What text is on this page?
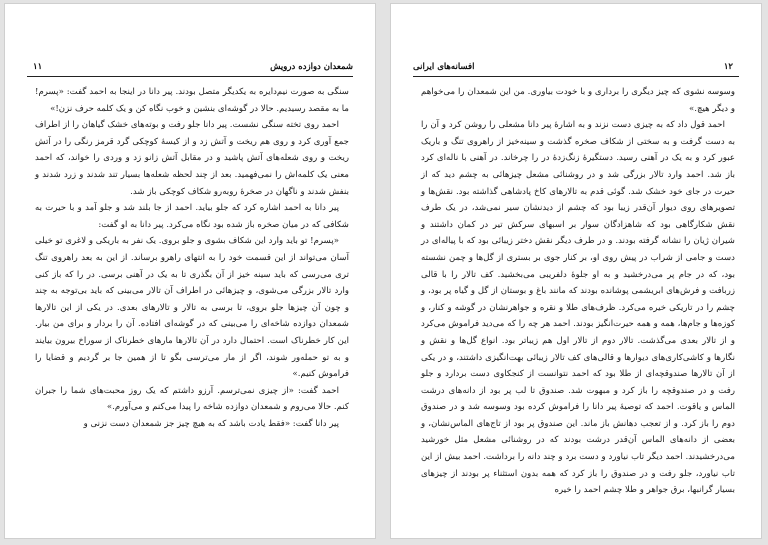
شمعدان دوازده درویش
۱۱

سنگی به صورت نیم‌دایره به یکدیگر متصل بودند. پیر دانا در اینجا به احمد گفت: «پسرم! ما به مقصد رسیدیم. حالا در گوشه‌ای بنشین و خوب نگاه کن و یک کلمه حرف نزن!»

احمد روی تخته سنگی نشست. پیر دانا جلو رفت و بوته‌های خشک گیاهان را از اطراف جمع آوری کرد و روی هم ریخت و آتش زد و از کیسهٔ کوچکی گرد قرمز رنگی را در آتش ریخت و روی شعله‌های آتش پاشید و در مقابل آتش زانو زد و وردی را خواند، که احمد معنی یک کلمه‌اش را نمی‌فهمید. بعد از چند لحظه شعله‌ها بسیار تند شدند و زرد شدند و بنفش شدند و ناگهان در صخرهٔ روبه‌رو شکاف کوچکی باز شد.

پیر دانا به احمد اشاره کرد که جلو بیاید. احمد از جا بلند شد و جلو آمد و با حیرت به شکافی که در میان صخره باز شده بود نگاه می‌کرد. پیر دانا به او گفت:

«پسرم! تو باید وارد این شکاف بشوی و جلو بروی. یک نفر به باریکی و لاغری تو خیلی آسان می‌تواند از این قسمت خود را به انتهای راهرو برساند. از این به بعد راهروی تنگ تری می‌رسی که باید سینه خیز از آن بگذری تا به یک در آهنی برسی. در را که باز کنی وارد تالار بزرگی می‌شوی، و چیزهائی در اطراف آن تالار می‌بینی که باید بی‌توجه به چند و چون آن چیزها جلو بروی، تا برسی به تالار و تالارهای بعدی. در یکی از این تالارها شمعدان دوازده شاخه‌ای را می‌بینی که در گوشه‌ای افتاده. آن را بردار و برای من بیار. این کار خطرناک است. احتمال دارد در آن تالارها مارهای خطرناک از سوراخ بیرون بیایند و به تو حمله‌ور شوند، اگر از مار می‌ترسی بگو تا از همین جا بر گردیم و قضایا را فراموش کنیم.»

احمد گفت: «از چیزی نمی‌ترسم. آرزو داشتم که یک روز محبت‌های شما را جبران کنم. حالا می‌روم و شمعدان دوازده شاخه را پیدا می‌کنم و می‌آورم.»

پیر دانا گفت: «فقط یادت باشد که به هیچ چیز جز شمعدان دست نزنی و

افسانه‌های ایرانی	۱۲

وسوسه نشوی که چیز دیگری را برداری و با خودت بیاوری. من این شمعدان را می‌خواهم و دیگر هیچ.»

احمد قول داد که به چیزی دست نزند و به اشارهٔ پیر دانا مشعلی را روشن کرد و آن را به دست گرفت و به سختی از شکاف صخره گذشت و سینه‌خیز از راهروی تنگ و باریک عبور کرد و به یک در آهنی رسید. دستگیرهٔ زنگ‌زدهٔ در را چرخاند. در آهنی با ناله‌ای کرد باز شد. احمد وارد تالار بزرگی شد و در روشنائی مشعل چیزهائی به چشم دید که از حیرت در جای خود خشک شد. گوئی قدم به تالارهای کاخ پادشاهی گذاشته بود. نقش‌ها و تصویرهای روی دیوار آن‌قدر زیبا بود که چشم از دیدنشان سیر نمی‌شد، در یک طرف نقش شکارگاهی بود که شاهزادگان سوار بر اسبهای سرکش تیر در کمان داشتند و شیران ژیان را نشانه گرفته بودند. و در طرف دیگر نقش دختر زیبائی بود که با پیاله‌ای در دست و جامی از شراب در پیش روی او، بر کنار جوی بر بستری از گل‌ها و چمن نشسته بود، که در جام پر می‌درخشید و به او جلوهٔ دلفریبی می‌بخشید. کف تالار را با قالی زربافت و فرش‌های ابریشمی پوشانده بودند که مانند باغ و بوستان از گل و گیاه پر بود، و چشم را در تاریکی خیره می‌کرد. ظرف‌های طلا و نقره و جواهرنشان در گوشه و کنار، و کوزه‌ها و جام‌ها، همه و همه حیرت‌انگیز بودند. احمد هر چه را که می‌دید فراموش می‌کرد و از تالار بعدی می‌گذشت. تالار دوم از تالار اول هم زیباتر بود. انواع گل‌ها و نقش و نگارها و کاشی‌کاری‌های دیوارها و قالی‌های کف تالار زیبائی بهت‌انگیزی داشتند، و در یکی از آن تالارها صندوقچه‌ای از طلا بود که احمد نتوانست از کنجکاوی دست بردارد و جلو رفت و در صندوقچه را باز کرد و مبهوت شد. صندوق تا لب پر بود از دانه‌های درشت الماس و یاقوت. احمد که توصیهٔ پیر دانا را فراموش کرده بود وسوسه شد و در صندوق دوم را باز کرد. و از تعجب دهانش باز ماند. این صندوق پر بود از تاج‌های الماس‌نشان، و بعضی از دانه‌های الماس آن‌قدر درشت بودند که در روشنائی مشعل مثل خورشید می‌درخشیدند. احمد دیگر تاب نیاورد و دست برد و چند دانه را برداشت. احمد بیش از این تاب نیاورد، جلو رفت و در صندوق را باز کرد که همه بدون استثناء پر بودند از چیزهای بسیار گرانبها، برق جواهر و طلا چشم احمد را خیره
